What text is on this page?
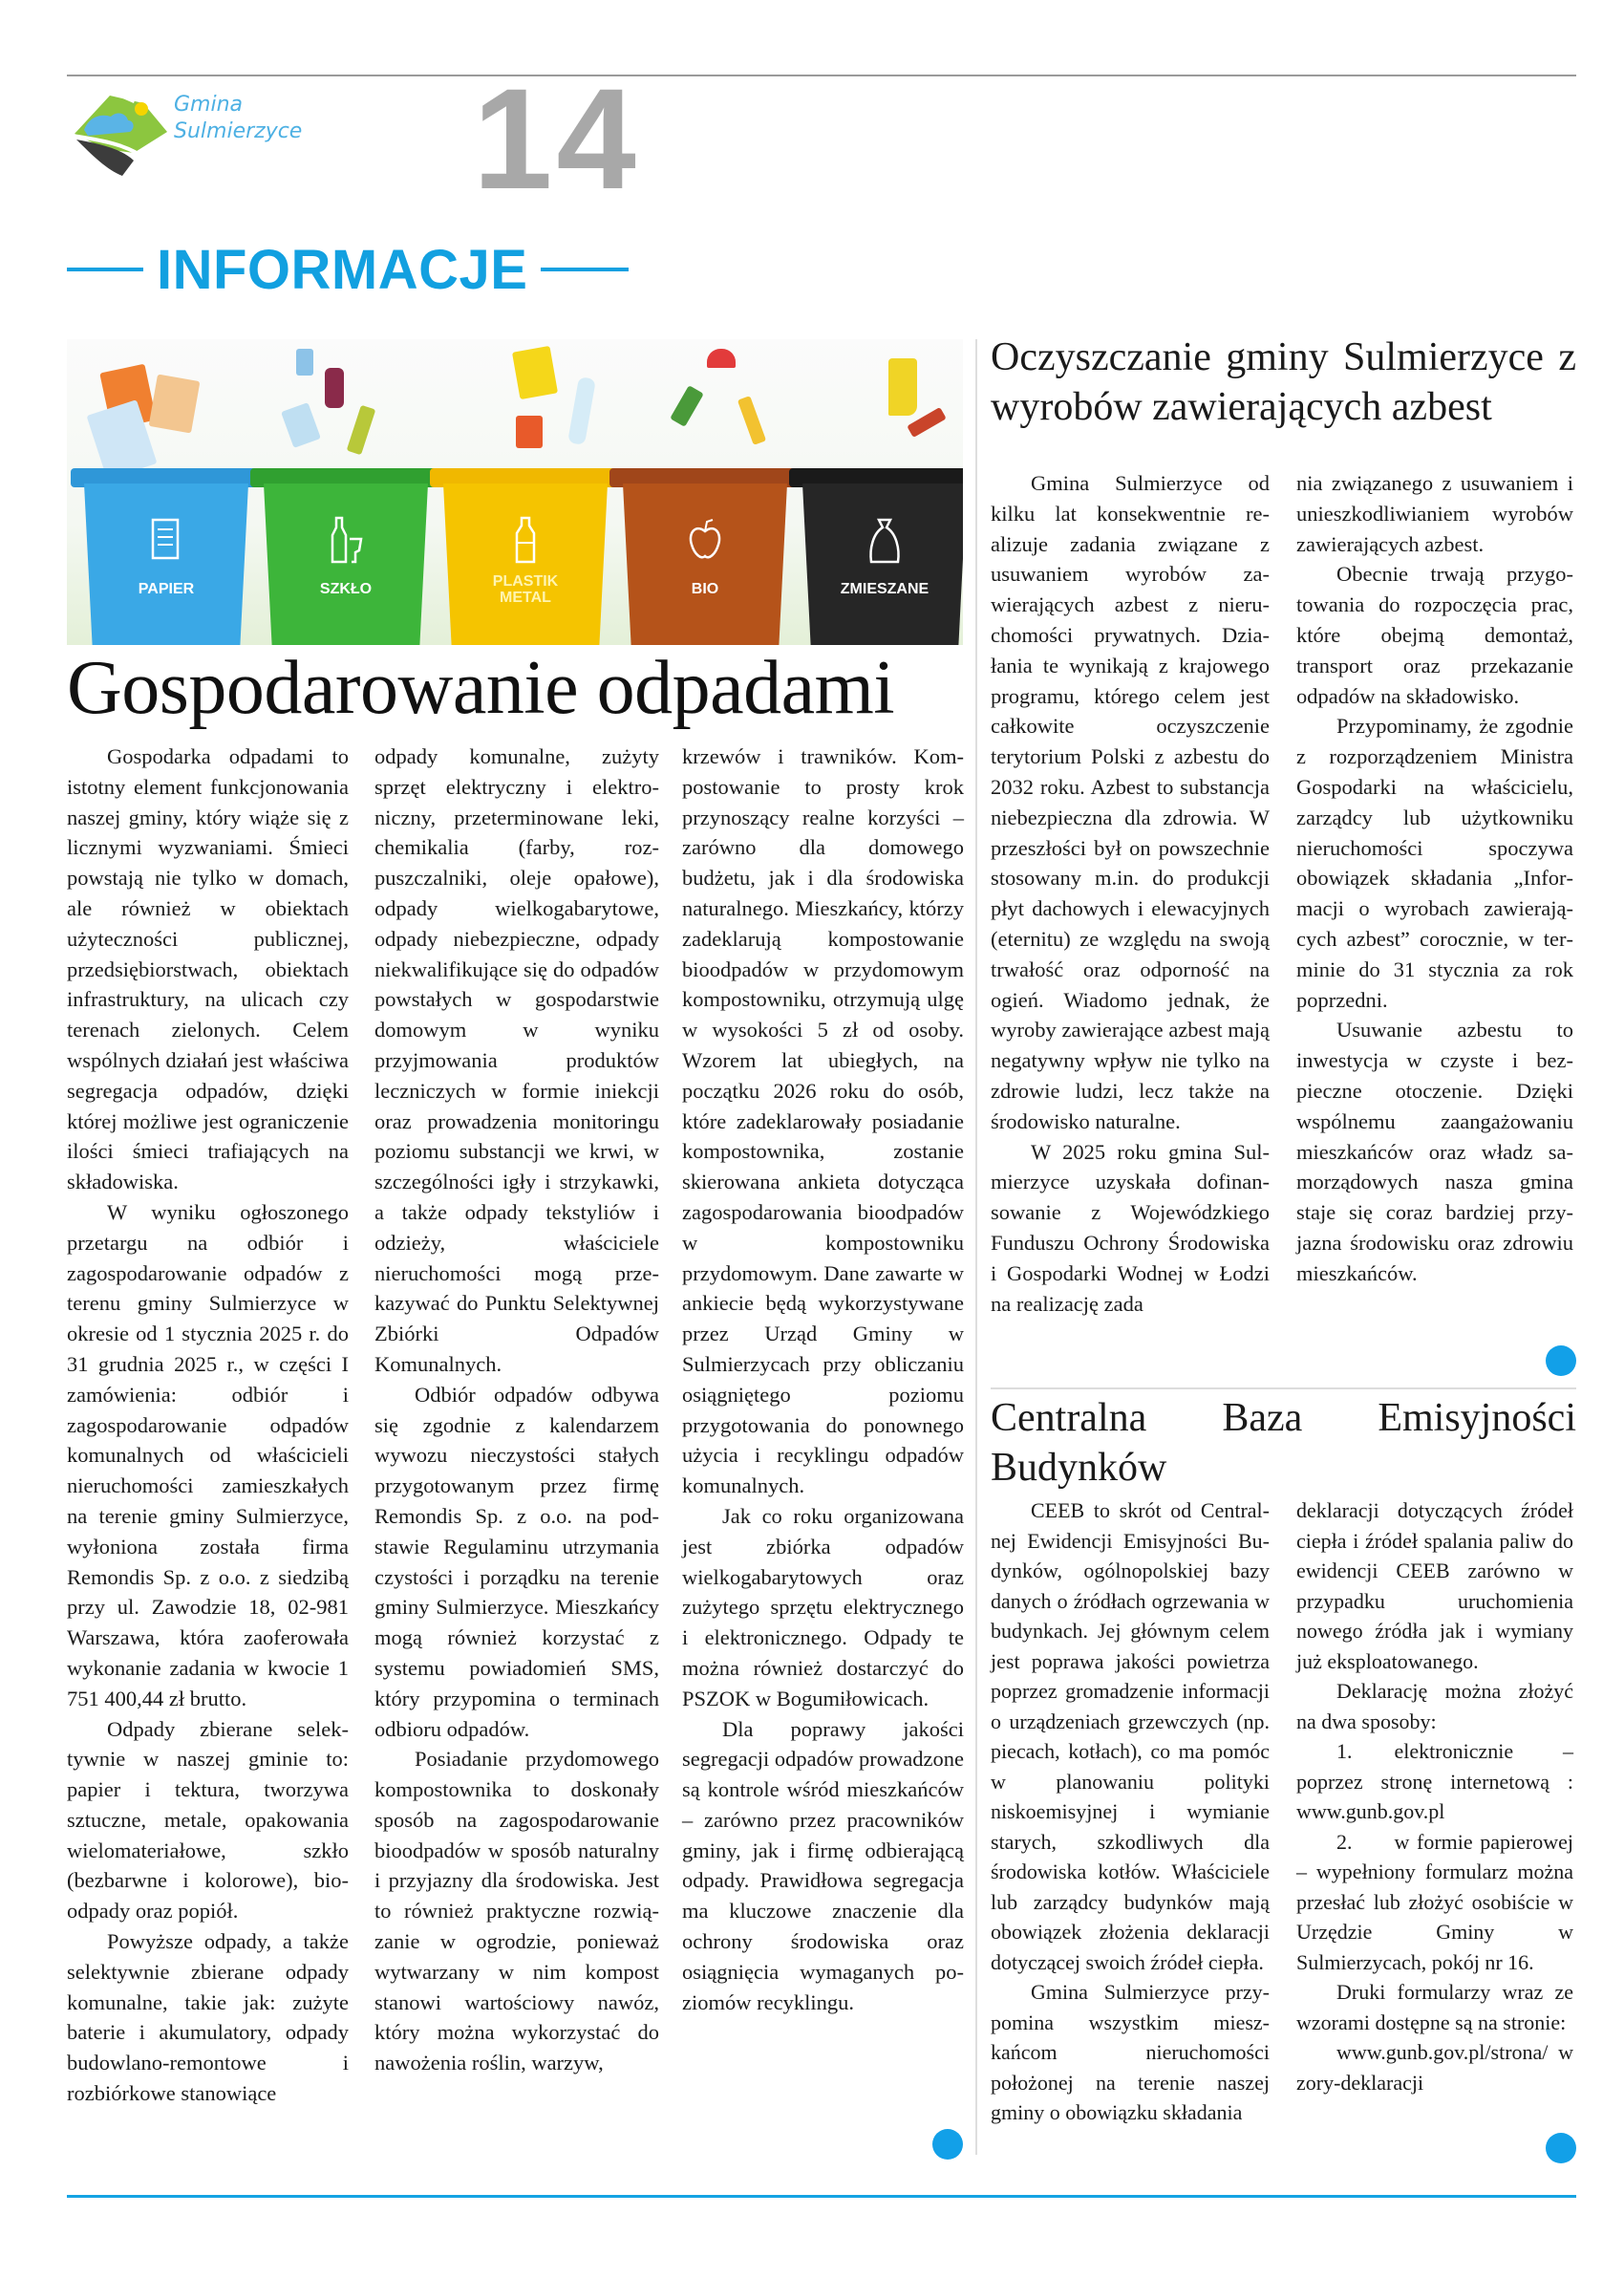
Gmina
Sulmierzyce 14
INFORMACJE
PAPIER	SZKŁO	PLASTIK
METAL
BIO	ZMIESZANE
Gospodarowanie odpadami

Gospodarka odpadami to istotny element funkcjonowania naszej gminy, który wiąże się z licznymi wyzwaniami. Śmieci powstają nie tylko w domach, ale również w obiektach użyteczności publicznej, przedsiębiorstwach, obiektach infrastruktury, na ulicach czy terenach zielonych. Celem wspólnych działań jest właściwa segregacja odpadów, dzięki której możliwe jest ograniczenie ilości śmieci trafiających na składowiska.

W wyniku ogłoszonego przetargu na odbiór i zagospodarowanie odpadów z terenu gminy Sulmierzyce w okresie od 1 stycznia 2025 r. do 31 grudnia 2025 r., w części I zamówienia: odbiór i zagospodarowanie odpadów komunalnych od właścicieli nieruchomości zamieszkałych na terenie gminy Sulmierzyce, wyłoniona została firma Remondis Sp. z o.o. z siedzibą przy ul. Zawodzie 18, 02-981 Warszawa, która zaoferowała wykonanie zadania w kwocie 1 751 400,44 zł brutto.

Odpady zbierane selektywnie w naszej gminie to: papier i tektura, tworzywa sztuczne, metale, opakowania wielomateriałowe, szkło (bezbarwne i kolorowe), bioodpady oraz popiół.

Powyższe odpady, a także selektywnie zbierane odpady komunalne, takie jak: zużyte baterie i akumulatory, odpady budowlano-remontowe i rozbiórkowe stanowiące

odpady komunalne, zużyty sprzęt elektryczny i elektroniczny, przeterminowane leki, chemikalia (farby, rozpuszczalniki, oleje opałowe), odpady wielkogabarytowe, odpady niebezpieczne, odpady niekwalifikujące się do odpadów powstałych w gospodarstwie domowym w wyniku przyjmowania produktów leczniczych w formie iniekcji oraz prowadzenia monitoringu poziomu substancji we krwi, w szczególności igły i strzykawki, a także odpady tekstyliów i odzieży, właściciele nieruchomości mogą przekazywać do Punktu Selektywnej Zbiórki Odpadów Komunalnych.

Odbiór odpadów odbywa się zgodnie z kalendarzem wywozu nieczystości stałych przygotowanym przez firmę Remondis Sp. z o.o. na podstawie Regulaminu utrzymania czystości i porządku na terenie gminy Sulmierzyce. Mieszkańcy mogą również korzystać z systemu powiadomień SMS, który przypomina o terminach odbioru odpadów.

Posiadanie przydomowego kompostownika to doskonały sposób na zagospodarowanie bioodpadów w sposób naturalny i przyjazny dla środowiska. Jest to również praktyczne rozwiązanie w ogrodzie, ponieważ wytwarzany w nim kompost stanowi wartościowy nawóz, który można wykorzystać do nawożenia roślin, warzyw,

krzewów i trawników. Kompostowanie to prosty krok przynoszący realne korzyści – zarówno dla domowego budżetu, jak i dla środowiska naturalnego. Mieszkańcy, którzy zadeklarują kompostowanie bioodpadów w przydomowym kompostowniku, otrzymują ulgę w wysokości 5 zł od osoby. Wzorem lat ubiegłych, na początku 2026 roku do osób, które zadeklarowały posiadanie kompostownika, zostanie skierowana ankieta dotycząca zagospodarowania bioodpadów w kompostowniku przydomowym. Dane zawarte w ankiecie będą wykorzystywane przez Urząd Gminy w Sulmierzycach przy obliczaniu osiągniętego poziomu przygotowania do ponownego użycia i recyklingu odpadów komunalnych.

Jak co roku organizowana jest zbiórka odpadów wielkogabarytowych oraz zużytego sprzętu elektrycznego i elektronicznego. Odpady te można również dostarczyć do PSZOK w Bogumiłowicach.

Dla poprawy jakości segregacji odpadów prowadzone są kontrole wśród mieszkańców – zarówno przez pracowników gminy, jak i firmę odbierającą odpady. Prawidłowa segregacja ma kluczowe znaczenie dla ochrony środowiska oraz osiągnięcia wymaganych poziomów recyklingu.

Oczyszczanie gminy Sulmierzyce z wyrobów zawierających azbest

Gmina Sulmierzyce od kilku lat konsekwentnie realizuje zadania związane z usuwaniem wyrobów zawierających azbest z nieruchomości prywatnych. Działania te wynikają z krajowego programu, którego celem jest całkowite oczyszczenie terytorium Polski z azbestu do 2032 roku. Azbest to substancja niebezpieczna dla zdrowia. W przeszłości był on powszechnie stosowany m.in. do produkcji płyt dachowych i elewacyjnych (eternitu) ze względu na swoją trwałość oraz odporność na ogień. Wiadomo jednak, że wyroby zawierające azbest mają negatywny wpływ nie tylko na zdrowie ludzi, lecz także na środowisko naturalne.

W 2025 roku gmina Sulmierzyce uzyskała dofinansowanie z Wojewódzkiego Funduszu Ochrony Środowiska i Gospodarki Wodnej w Łodzi na realizację zada

nia związanego z usuwaniem i unieszkodliwianiem wyrobów zawierających azbest.

Obecnie trwają przygotowania do rozpoczęcia prac, które obejmą demontaż, transport oraz przekazanie odpadów na składowisko.

Przypominamy, że zgodnie z rozporządzeniem Ministra Gospodarki na właścicielu, zarządcy lub użytkowniku nieruchomości spoczywa obowiązek składania „Informacji o wyrobach zawierających azbest” corocznie, w terminie do 31 stycznia za rok poprzedni.

Usuwanie azbestu to inwestycja w czyste i bezpieczne otoczenie. Dzięki wspólnemu zaangażowaniu mieszkańców oraz władz samorządowych nasza gmina staje się coraz bardziej przyjazna środowisku oraz zdrowiu mieszkańców.

Centralna Baza Emisyjności
Budynków

CEEB to skrót od Centralnej Ewidencji Emisyjności Budynków, ogólnopolskiej bazy danych o źródłach ogrzewania w budynkach. Jej głównym celem jest poprawa jakości powietrza poprzez gromadzenie informacji o urządzeniach grzewczych (np. piecach, kotłach), co ma pomóc w planowaniu polityki niskoemisyjnej i wymianie starych, szkodliwych dla środowiska kotłów. Właściciele lub zarządcy budynków mają obowiązek złożenia deklaracji dotyczącej swoich źródeł ciepła.

Gmina Sulmierzyce przypomina wszystkim mieszkańcom nieruchomości położonej na terenie naszej gminy o obowiązku składania

deklaracji dotyczących źródeł ciepła i źródeł spalania paliw do ewidencji CEEB zarówno w przypadku uruchomienia nowego źródła jak i wymiany już eksploatowanego.

Deklarację można złożyć na dwa sposoby:

1.  elektronicznie – poprzez stronę internetową : www.gunb.gov.pl

2.  w formie papierowej – wypełniony formularz można przesłać lub złożyć osobiście w Urzędzie Gminy w Sulmierzycach, pokój nr 16.

Druki formularzy wraz ze wzorami dostępne są na stronie:

www.gunb.gov.pl/strona/ wzory-deklaracji
